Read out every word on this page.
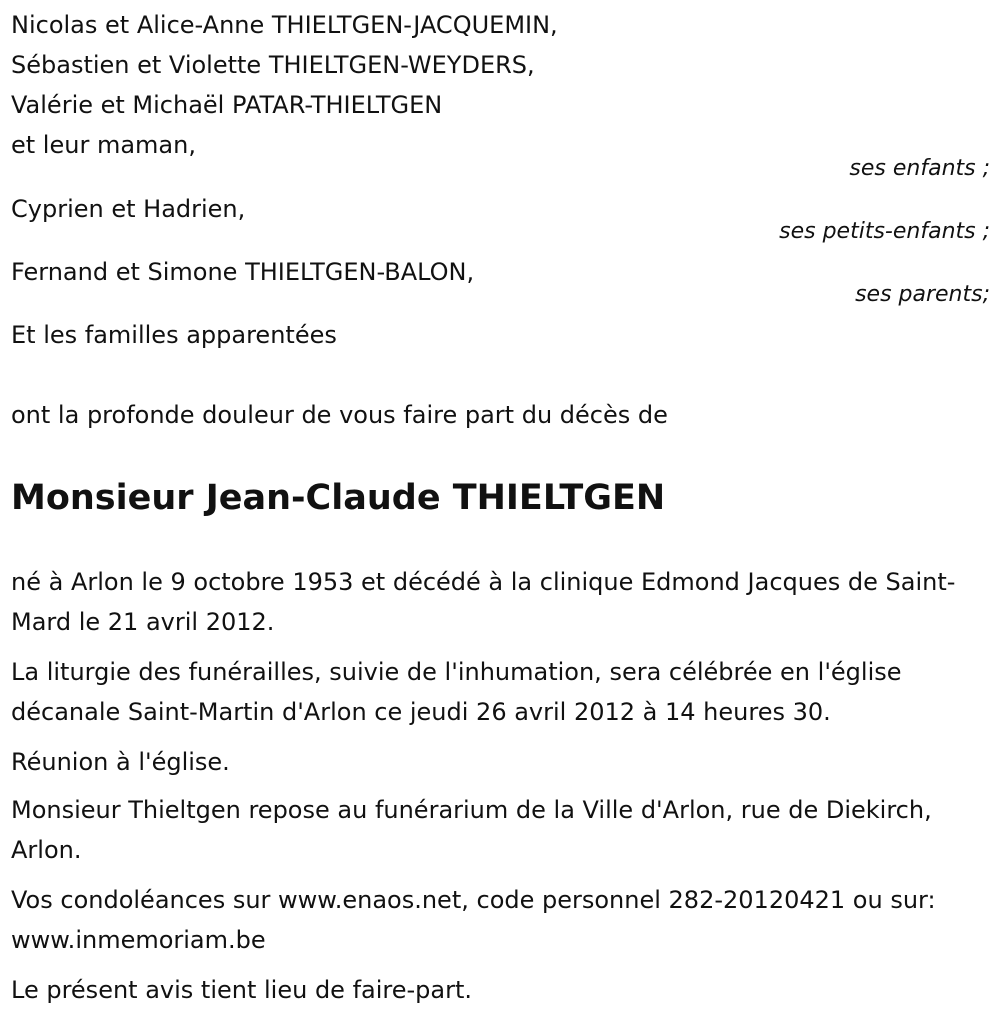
Nicolas et Alice-Anne THIELTGEN-JACQUEMIN,
Sébastien et Violette THIELTGEN-WEYDERS,
Valérie et Michaël PATAR-THIELTGEN
et leur maman,
ses enfants ;
Cyprien et Hadrien,
ses petits-enfants ;
Fernand et Simone THIELTGEN-BALON,
ses parents;
Et les familles apparentées
ont la profonde douleur de vous faire part du décès de
Monsieur Jean-Claude THIELTGEN
né à Arlon le 9 octobre 1953 et décédé à la clinique Edmond Jacques de Saint-Mard le 21 avril 2012.
La liturgie des funérailles, suivie de l'inhumation, sera célébrée en l'église décanale Saint-Martin d'Arlon ce jeudi 26 avril 2012 à 14 heures 30.
Réunion à l'église.
Monsieur Thieltgen repose au funérarium de la Ville d'Arlon, rue de Diekirch, Arlon.
Vos condoléances sur www.enaos.net, code personnel 282-20120421 ou sur: www.inmemoriam.be
Le présent avis tient lieu de faire-part.
